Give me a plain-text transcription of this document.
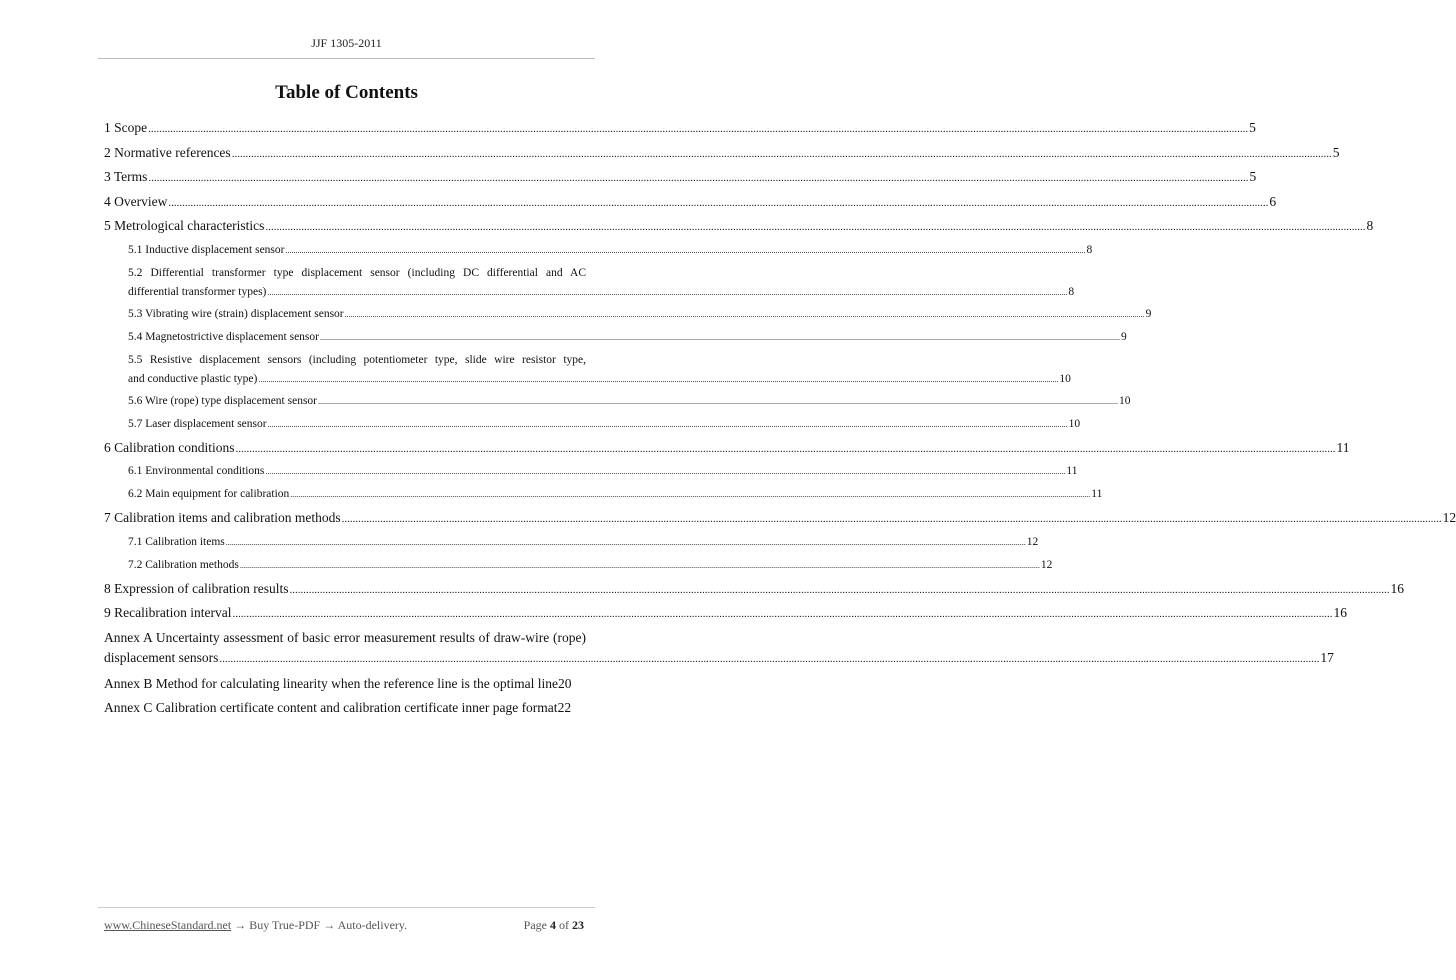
JJF 1305-2011
Table of Contents
1 Scope ................................................................................................................................................................................................................................................................................................................................................................................................................ 5
2 Normative references ................................................................................................................................................................................................................................................................................................................................................................................................................ 5
3 Terms ................................................................................................................................................................................................................................................................................................................................................................................................................ 5
4 Overview ................................................................................................................................................................................................................................................................................................................................................................................................................ 6
5 Metrological characteristics ................................................................................................................................................................................................................................................................................................................................................................................................................ 8
5.1 Inductive displacement sensor ................................................................................................................................................................................................................................................................................................................................................................................................................ 8
5.2 Differential transformer type displacement sensor (including DC differential and AC
differential transformer types) ................................................................................................................................................................................................................................................................................................................................................................................................................ 8
5.3 Vibrating wire (strain) displacement sensor ................................................................................................................................................................................................................................................................................................................................................................................................................ 9
5.4 Magnetostrictive displacement sensor ................................................................................................................................................................................................................................................................................................................................................................................................................ 9
5.5 Resistive displacement sensors (including potentiometer type, slide wire resistor type,
and conductive plastic type) ................................................................................................................................................................................................................................................................................................................................................................................................................ 10
5.6 Wire (rope) type displacement sensor ................................................................................................................................................................................................................................................................................................................................................................................................................ 10
5.7 Laser displacement sensor ................................................................................................................................................................................................................................................................................................................................................................................................................ 10
6 Calibration conditions ................................................................................................................................................................................................................................................................................................................................................................................................................ 11
6.1 Environmental conditions ................................................................................................................................................................................................................................................................................................................................................................................................................ 11
6.2 Main equipment for calibration ................................................................................................................................................................................................................................................................................................................................................................................................................ 11
7 Calibration items and calibration methods ................................................................................................................................................................................................................................................................................................................................................................................................................ 12
7.1 Calibration items ................................................................................................................................................................................................................................................................................................................................................................................................................ 12
7.2 Calibration methods ................................................................................................................................................................................................................................................................................................................................................................................................................ 12
8 Expression of calibration results ................................................................................................................................................................................................................................................................................................................................................................................................................ 16
9 Recalibration interval ................................................................................................................................................................................................................................................................................................................................................................................................................ 16
Annex A Uncertainty assessment of basic error measurement results of draw-wire (rope)
displacement sensors ................................................................................................................................................................................................................................................................................................................................................................................................................ 17
Annex B Method for calculating linearity when the reference line is the optimal line 20
Annex C Calibration certificate content and calibration certificate inner page format 22
www.ChineseStandard.net → Buy True-PDF → Auto-delivery.	Page 4 of 23
